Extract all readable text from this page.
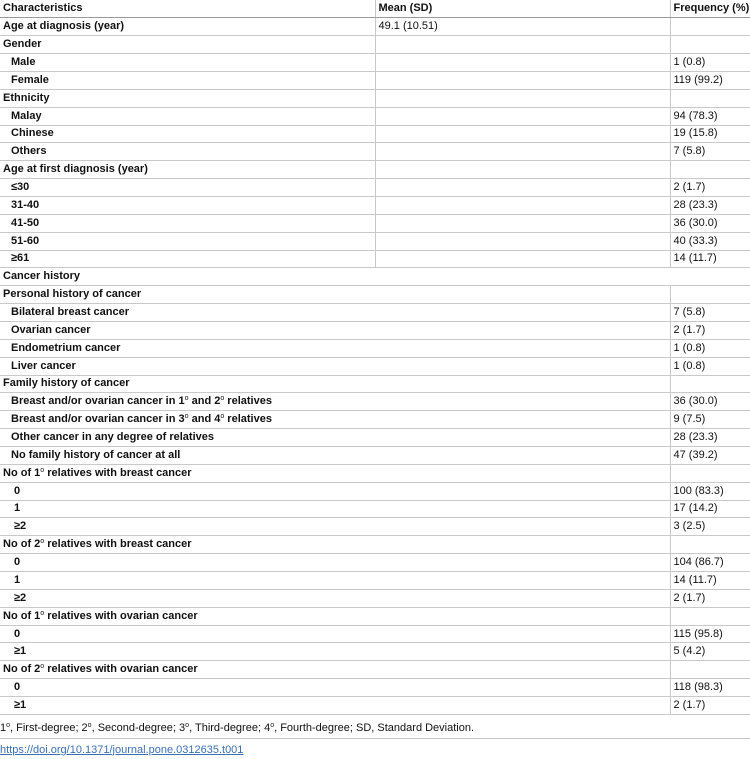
Characteristics	Mean (SD)	Frequency (%)
Age at diagnosis (year)	49.1 (10.51)	
Gender		
Male		1 (0.8)
Female		119 (99.2)
Ethnicity		
Malay		94 (78.3)
Chinese		19 (15.8)
Others		7 (5.8)
Age at first diagnosis (year)		
≤30		2 (1.7)
31-40		28 (23.3)
41-50		36 (30.0)
51-60		40 (33.3)
≥61		14 (11.7)
Cancer history		
Personal history of cancer		
Bilateral breast cancer		7 (5.8)
Ovarian cancer		2 (1.7)
Endometrium cancer		1 (0.8)
Liver cancer		1 (0.8)
Family history of cancer		
Breast and/or ovarian cancer in 1$^o$ and 2$^o$ relatives		36 (30.0)
Breast and/or ovarian cancer in 3$^o$ and 4$^o$ relatives		9 (7.5)
Other cancer in any degree of relatives		28 (23.3)
No family history of cancer at all		47 (39.2)
No of 1$^o$ relatives with breast cancer		
0		100 (83.3)
1		17 (14.2)
≥2		3 (2.5)
No of 2$^o$ relatives with breast cancer		
0		104 (86.7)
1		14 (11.7)
≥2		2 (1.7)
No of 1$^o$ relatives with ovarian cancer		
0		115 (95.8)
≥1		5 (4.2)
No of 2$^o$ relatives with ovarian cancer		
0		118 (98.3)
≥1		2 (1.7)
1$^o$, First-degree; 2$^o$, Second-degree; 3$^o$, Third-degree; 4$^o$, Fourth-degree; SD, Standard Deviation.
https://doi.org/10.1371/journal.pone.0312635.t001
